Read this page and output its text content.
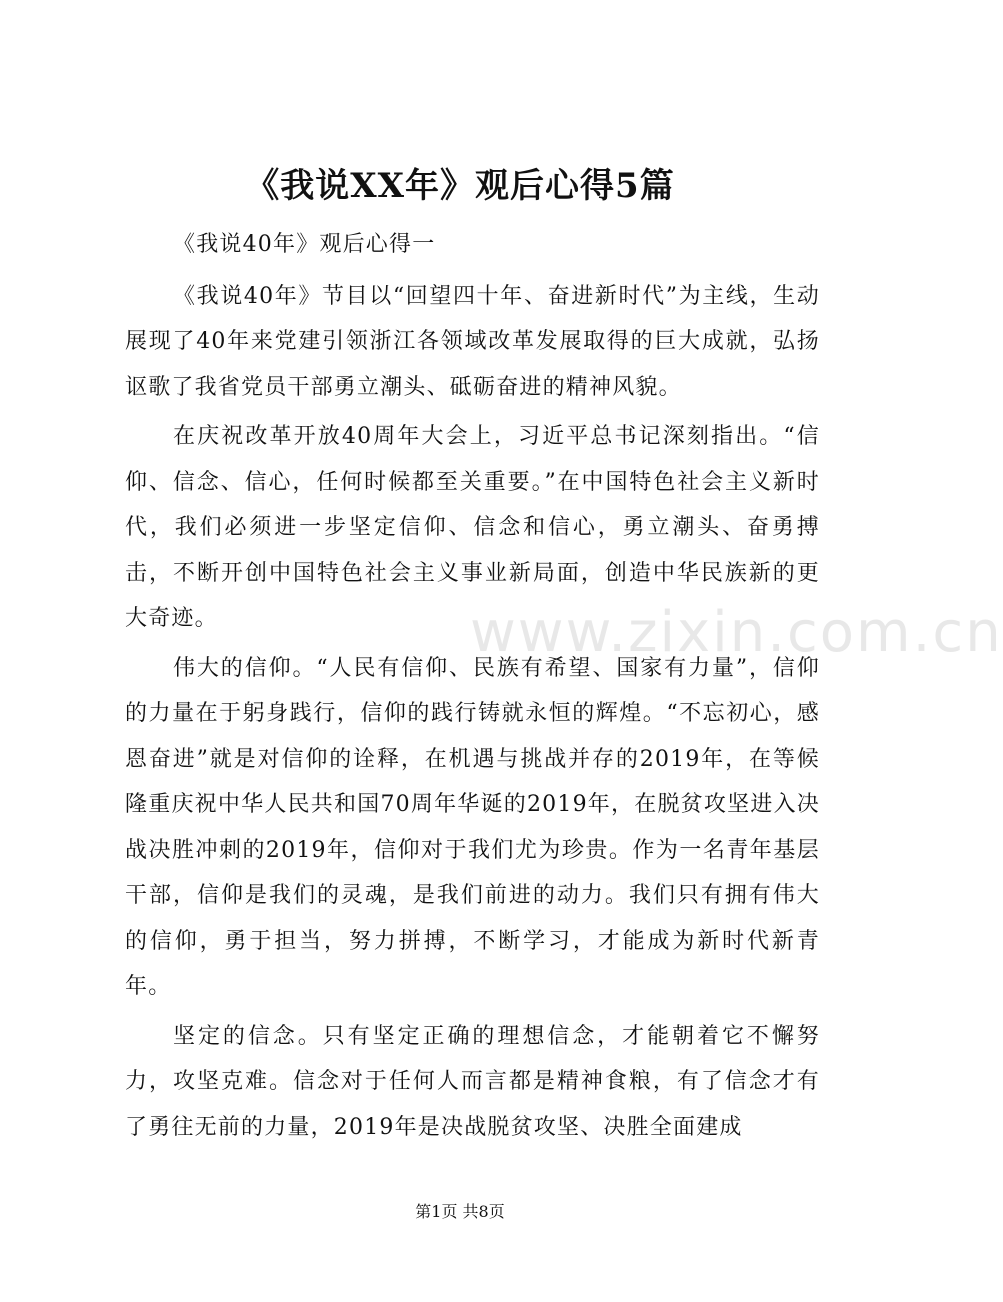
《我说XX年》观后心得5篇

《我说40年》观后心得一

《我说40年》节目以“回望四十年、奋进新时代”为主线，生动展现了40年来党建引领浙江各领域改革发展取得的巨大成就，弘扬讴歌了我省党员干部勇立潮头、砥砺奋进的精神风貌。

在庆祝改革开放40周年大会上，习近平总书记深刻指出。“信仰、信念、信心，任何时候都至关重要。”在中国特色社会主义新时代，我们必须进一步坚定信仰、信念和信心，勇立潮头、奋勇搏击，不断开创中国特色社会主义事业新局面，创造中华民族新的更大奇迹。

伟大的信仰。“人民有信仰、民族有希望、国家有力量”，信仰的力量在于躬身践行，信仰的践行铸就永恒的辉煌。“不忘初心，感恩奋进”就是对信仰的诠释，在机遇与挑战并存的2019年，在等候隆重庆祝中华人民共和国70周年华诞的2019年，在脱贫攻坚进入决战决胜冲刺的2019年，信仰对于我们尤为珍贵。作为一名青年基层干部，信仰是我们的灵魂，是我们前进的动力。我们只有拥有伟大的信仰，勇于担当，努力拼搏，不断学习，才能成为新时代新青年。

坚定的信念。只有坚定正确的理想信念，才能朝着它不懈努力，攻坚克难。信念对于任何人而言都是精神食粮，有了信念才有了勇往无前的力量，2019年是决战脱贫攻坚、决胜全面建成

www.zixin.com.cn
第1页 共8页
